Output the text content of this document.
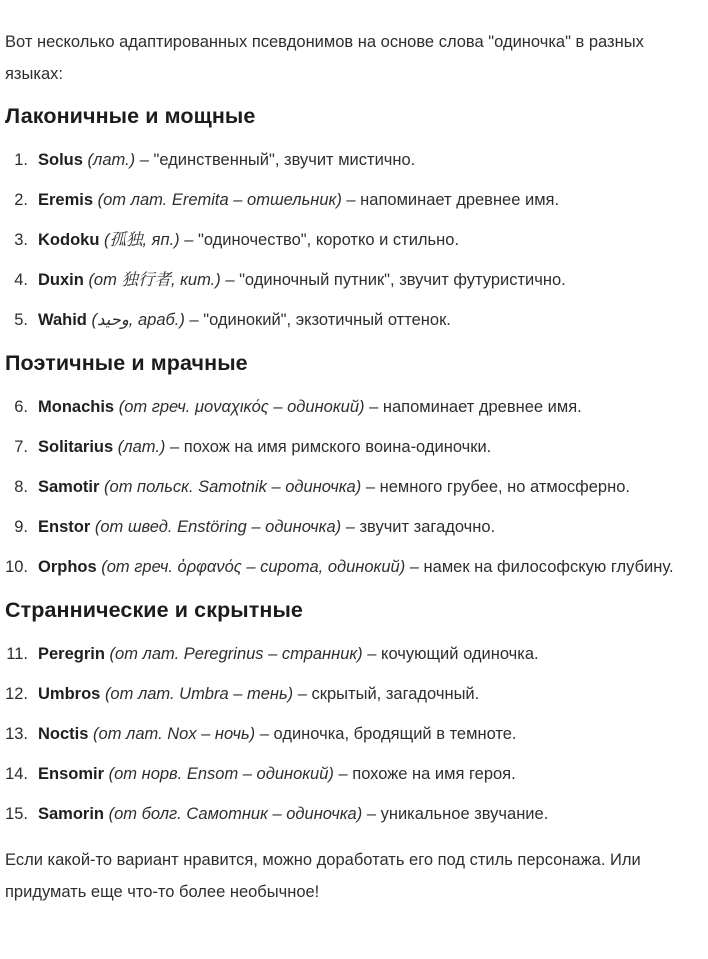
Вот несколько адаптированных псевдонимов на основе слова "одиночка" в разных языках:

Лаконичные и мощные
1. Solus (лат.) – "единственный", звучит мистично.
2. Eremis (от лат. Eremita – отшельник) – напоминает древнее имя.
3. Kodoku (孤独, яп.) – "одиночество", коротко и стильно.
4. Duxin (от 独行者, кит.) – "одиночный путник", звучит футуристично.
5. Wahid (وحيد, араб.) – "одинокий", экзотичный оттенок.
Поэтичные и мрачные
6. Monachis (от греч. μοναχικός – одинокий) – напоминает древнее имя.
7. Solitarius (лат.) – похож на имя римского воина-одиночки.
8. Samotir (от польск. Samotnik – одиночка) – немного грубее, но атмосферно.
9. Enstor (от швед. Enstöring – одиночка) – звучит загадочно.
10. Orphos (от греч. ὀρφανός – сирота, одинокий) – намек на философскую глубину.
Страннические и скрытные
11. Peregrin (от лат. Peregrinus – странник) – кочующий одиночка.
12. Umbros (от лат. Umbra – тень) – скрытый, загадочный.
13. Noctis (от лат. Nox – ночь) – одиночка, бродящий в темноте.
14. Ensomir (от норв. Ensom – одинокий) – похоже на имя героя.
15. Samorin (от болг. Самотник – одиночка) – уникальное звучание.

Если какой-то вариант нравится, можно доработать его под стиль персонажа. Или придумать еще что-то более необычное!
